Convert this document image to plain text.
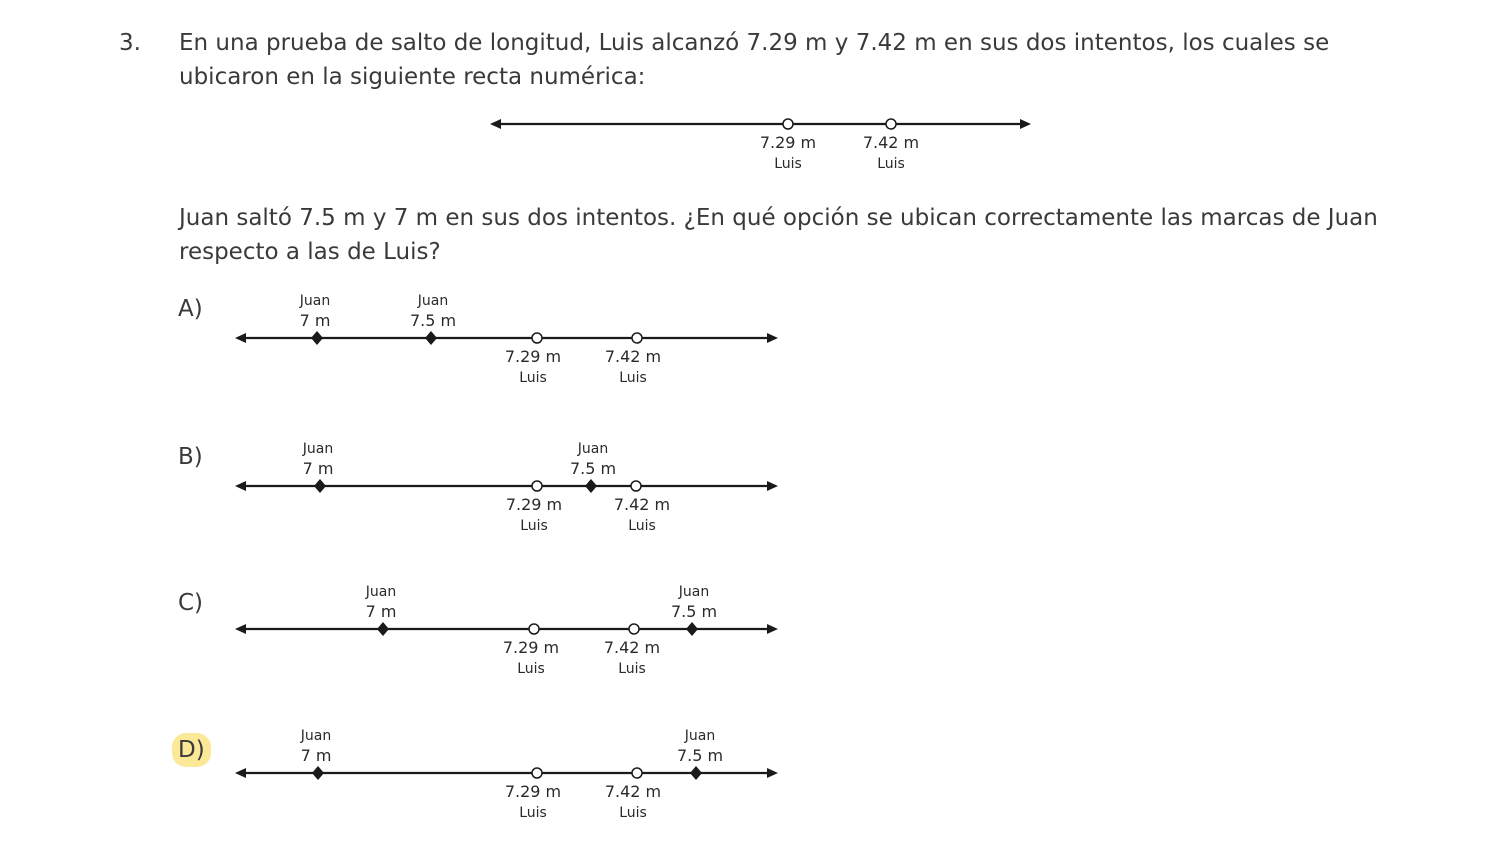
3. En una prueba de salto de longitud, Luis alcanzó 7.29 m y 7.42 m en sus dos intentos, los cuales se
ubicaron en la siguiente recta numérica:
7.29 m
Luis
7.42 m
Luis
Juan saltó 7.5 m y 7 m en sus dos intentos. ¿En qué opción se ubican correctamente las marcas de Juan
respecto a las de Luis?
A)	Juan
7 m
Juan
7.5 m
7.29 m
Luis
7.42 m
Luis
B)	Juan
7 m
7.29 m
Luis
Juan
7.5 m
7.42 m
Luis
C)	Juan
7 m
7.29 m
Luis
7.42 m
Luis
Juan
7.5 m
D)
Juan
7 m
7.29 m
Luis
7.42 m
Luis
Juan
7.5 m
